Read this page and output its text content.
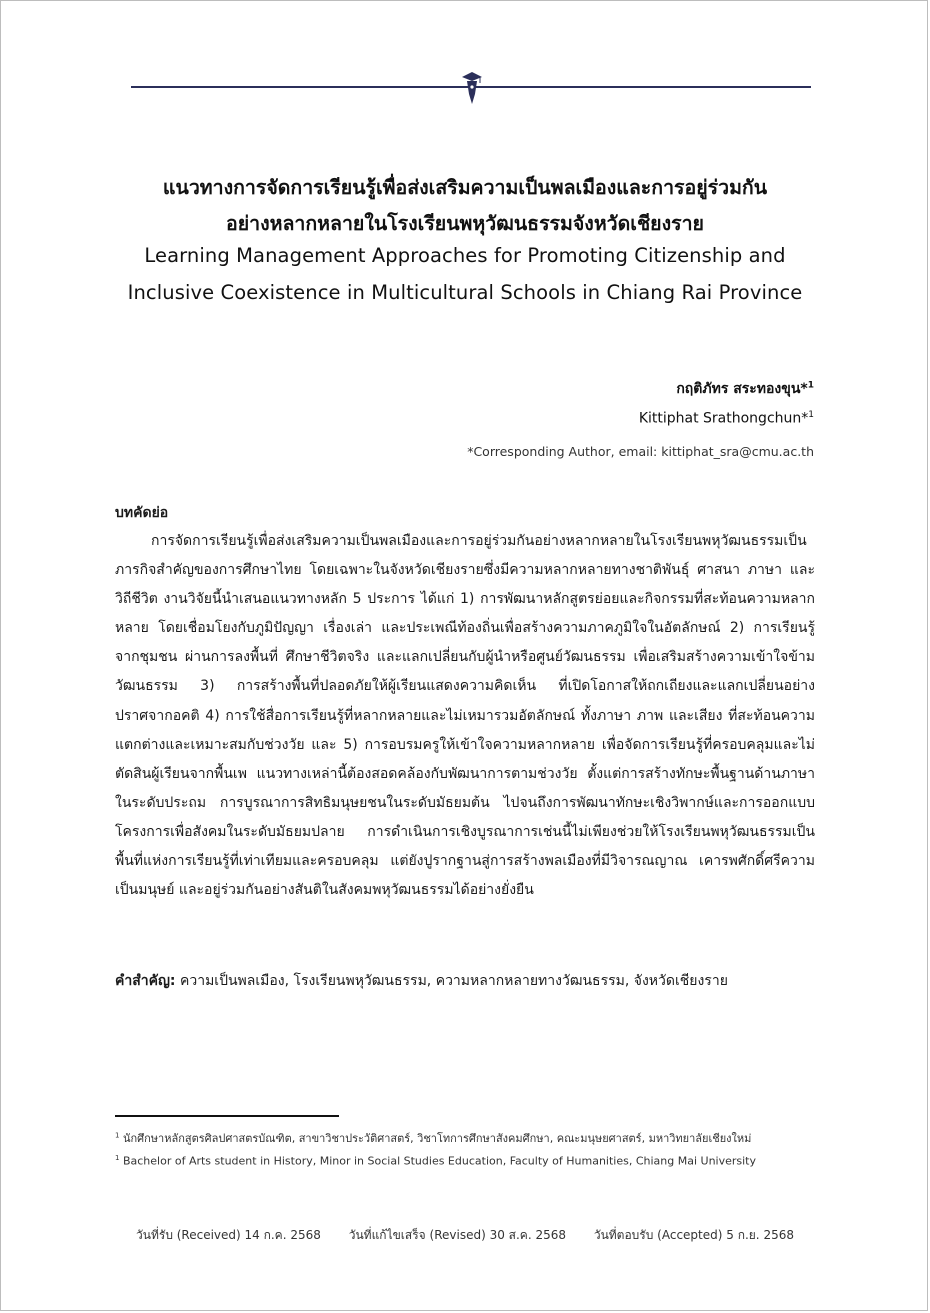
แนวทางการจัดการเรียนรู้เพื่อส่งเสริมความเป็นพลเมืองและการอยู่ร่วมกัน
อย่างหลากหลายในโรงเรียนพหุวัฒนธรรมจังหวัดเชียงราย
Learning Management Approaches for Promoting Citizenship and
Inclusive Coexistence in Multicultural Schools in Chiang Rai Province
กฤติภัทร สระทองขุน*$^1$
Kittiphat Srathongchun*$^1$
*Corresponding Author, email: kittiphat_sra@cmu.ac.th
บทคัดย่อ
การจัดการเรียนรู้เพื่อส่งเสริมความเป็นพลเมืองและการอยู่ร่วมกันอย่างหลากหลายในโรงเรียนพหุวัฒนธรรมเป็นภารกิจสำคัญของการศึกษาไทย โดยเฉพาะในจังหวัดเชียงรายซึ่งมีความหลากหลายทางชาติพันธุ์ ศาสนา ภาษา และวิถีชีวิต งานวิจัยนี้นำเสนอแนวทางหลัก 5 ประการ ได้แก่ 1) การพัฒนาหลักสูตรย่อยและกิจกรรมที่สะท้อนความหลากหลาย โดยเชื่อมโยงกับภูมิปัญญา เรื่องเล่า และประเพณีท้องถิ่นเพื่อสร้างความภาคภูมิใจในอัตลักษณ์ 2) การเรียนรู้จากชุมชน ผ่านการลงพื้นที่ ศึกษาชีวิตจริง และแลกเปลี่ยนกับผู้นำหรือศูนย์วัฒนธรรม เพื่อเสริมสร้างความเข้าใจข้ามวัฒนธรรม 3) การสร้างพื้นที่ปลอดภัยให้ผู้เรียนแสดงความคิดเห็น ที่เปิดโอกาสให้ถกเถียงและแลกเปลี่ยนอย่างปราศจากอคติ 4) การใช้สื่อการเรียนรู้ที่หลากหลายและไม่เหมารวมอัตลักษณ์ ทั้งภาษา ภาพ และเสียง ที่สะท้อนความแตกต่างและเหมาะสมกับช่วงวัย และ 5) การอบรมครูให้เข้าใจความหลากหลาย เพื่อจัดการเรียนรู้ที่ครอบคลุมและไม่ตัดสินผู้เรียนจากพื้นเพ แนวทางเหล่านี้ต้องสอดคล้องกับพัฒนาการตามช่วงวัย ตั้งแต่การสร้างทักษะพื้นฐานด้านภาษาในระดับประถม การบูรณาการสิทธิมนุษยชนในระดับมัธยมต้น ไปจนถึงการพัฒนาทักษะเชิงวิพากษ์และการออกแบบโครงการเพื่อสังคมในระดับมัธยมปลาย การดำเนินการเชิงบูรณาการเช่นนี้ไม่เพียงช่วยให้โรงเรียนพหุวัฒนธรรมเป็นพื้นที่แห่งการเรียนรู้ที่เท่าเทียมและครอบคลุม แต่ยังปูรากฐานสู่การสร้างพลเมืองที่มีวิจารณญาณ เคารพศักดิ์ศรีความเป็นมนุษย์ และอยู่ร่วมกันอย่างสันติในสังคมพหุวัฒนธรรมได้อย่างยั่งยืน
คำสำคัญ: ความเป็นพลเมือง, โรงเรียนพหุวัฒนธรรม, ความหลากหลายทางวัฒนธรรม, จังหวัดเชียงราย
$^1$ นักศึกษาหลักสูตรศิลปศาสตรบัณฑิต, สาขาวิชาประวัติศาสตร์, วิชาโทการศึกษาสังคมศึกษา, คณะมนุษยศาสตร์, มหาวิทยาลัยเชียงใหม่
$^1$ Bachelor of Arts student in History, Minor in Social Studies Education, Faculty of Humanities, Chiang Mai University
วันที่รับ (Received) 14 ก.ค. 2568 วันที่แก้ไขเสร็จ (Revised) 30 ส.ค. 2568 วันที่ตอบรับ (Accepted) 5 ก.ย. 2568
